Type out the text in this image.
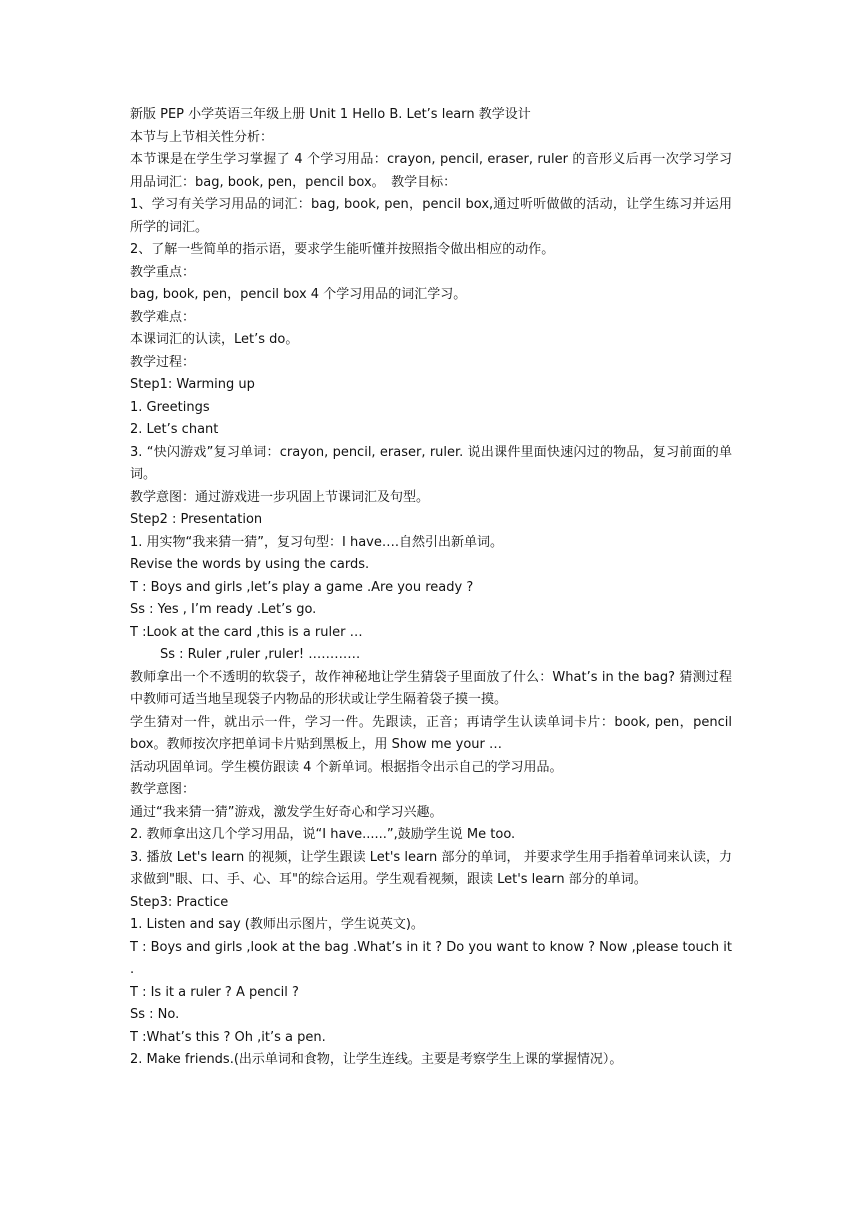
新版 PEP 小学英语三年级上册 Unit 1 Hello B. Let’s learn 教学设计
本节与上节相关性分析：
本节课是在学生学习掌握了 4 个学习用品：crayon, pencil, eraser, ruler 的音形义后再一次学习学习用品词汇：bag, book, pen，pencil box。　教学目标：
1、学习有关学习用品的词汇：bag, book, pen，pencil box,通过听听做做的活动，让学生练习并运用所学的词汇。
2、了解一些简单的指示语，要求学生能听懂并按照指令做出相应的动作。
教学重点：
bag, book, pen，pencil box 4 个学习用品的词汇学习。
教学难点：
本课词汇的认读，Let’s do。
教学过程：
Step1: Warming up
1. Greetings
2. Let’s chant
3. “快闪游戏”复习单词：crayon, pencil, eraser, ruler. 说出课件里面快速闪过的物品，复习前面的单词。
教学意图：通过游戏进一步巩固上节课词汇及句型。
Step2 : Presentation
1. 用实物“我来猜一猜”，复习句型：I have….自然引出新单词。
Revise the words by using the cards.
T : Boys and girls ,let’s play a game .Are you ready ?
Ss : Yes , I’m ready .Let’s go.
T :Look at the card ,this is a ruler …
Ss : Ruler ,ruler ,ruler! …………
教师拿出一个不透明的软袋子，故作神秘地让学生猜袋子里面放了什么：What’s in the bag? 猜测过程中教师可适当地呈现袋子内物品的形状或让学生隔着袋子摸一摸。
学生猜对一件，就出示一件，学习一件。先跟读，正音；再请学生认读单词卡片：book, pen，pencil box。教师按次序把单词卡片贴到黑板上，用 Show me your …
活动巩固单词。学生模仿跟读 4 个新单词。根据指令出示自己的学习用品。
教学意图：
通过“我来猜一猜”游戏，激发学生好奇心和学习兴趣。
2. 教师拿出这几个学习用品，说“I have......”,鼓励学生说 Me too.
3. 播放 Let's learn 的视频，让学生跟读 Let's learn 部分的单词， 并要求学生用手指着单词来认读，力求做到"眼、口、手、心、耳"的综合运用。学生观看视频，跟读 Let's learn 部分的单词。
Step3: Practice
1. Listen and say (教师出示图片，学生说英文)。
T : Boys and girls ,look at the bag .What’s in it ? Do you want to know ? Now ,please touch it .
T : Is it a ruler ? A pencil ?
Ss : No.
T :What’s this ? Oh ,it’s a pen.
2. Make friends.(出示单词和食物，让学生连线。主要是考察学生上课的掌握情况）。
